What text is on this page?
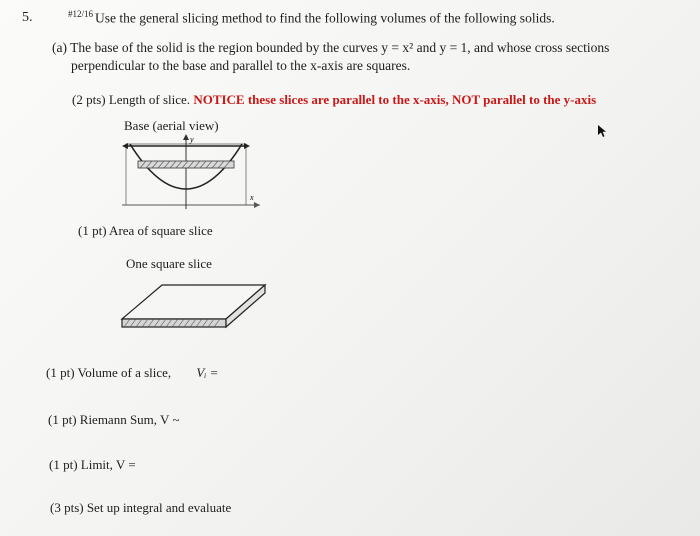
5.	$^{\#12/16}$ Use the general slicing method to find the following volumes of the following solids.
(a) The base of the solid is the region bounded by the curves y = x² and y = 1, and whose cross sections
perpendicular to the base and parallel to the x-axis are squares.
(2 pts) Length of slice. NOTICE these slices are parallel to the x-axis, NOT parallel to the y-axis
Base (aerial view)
x
y
(1 pt) Area of square slice
One square slice
(1 pt) Volume of a slice, Vᵢ =
(1 pt) Riemann Sum, V ~
(1 pt) Limit, V =
(3 pts) Set up integral and evaluate
